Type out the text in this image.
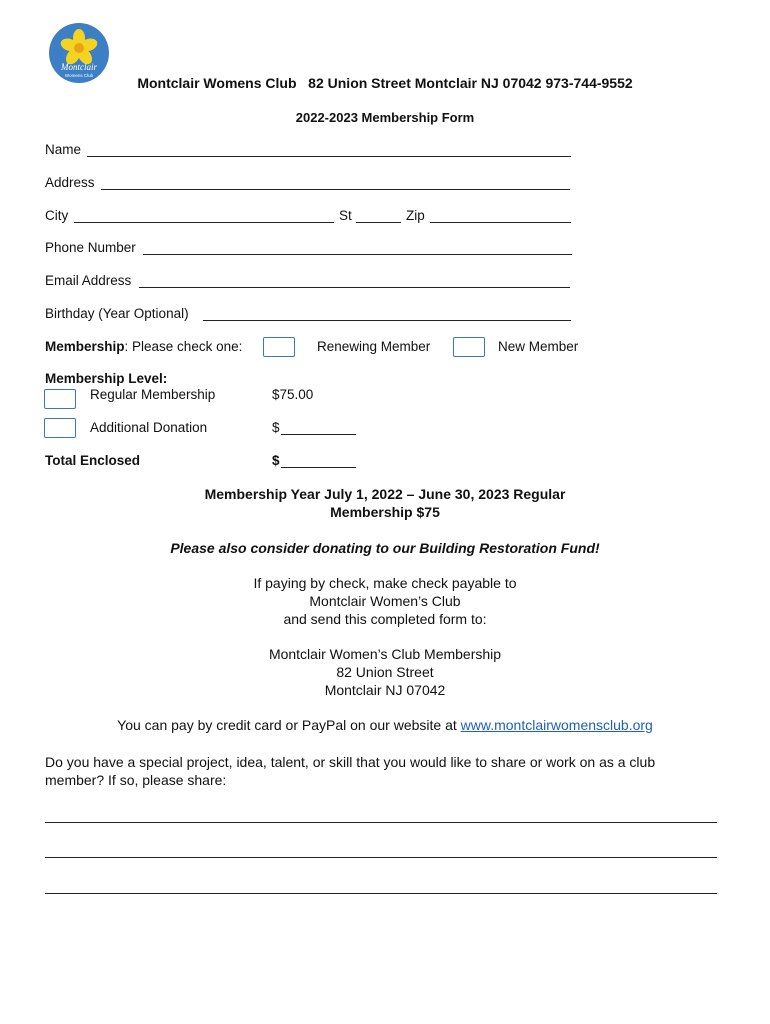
Montclair
Womens Club	Montclair Womens Club   82 Union Street Montclair NJ 07042 973-744-9552
2022-2023 Membership Form
Name
Address
City	St	Zip
Phone Number
Email Address
Birthday (Year Optional)
Membership: Please check one:	Renewing Member	New Member
Membership Level:
Regular Membership	$75.00
Additional Donation	$
Total Enclosed	$
Membership Year July 1, 2022 – June 30, 2023 Regular
Membership $75
Please also consider donating to our Building Restoration Fund!
If paying by check, make check payable to
Montclair Women’s Club
and send this completed form to:
Montclair Women’s Club Membership
82 Union Street
Montclair NJ 07042
You can pay by credit card or PayPal on our website at www.montclairwomensclub.org
Do you have a special project, idea, talent, or skill that you would like to share or work on as a club
member? If so, please share:
